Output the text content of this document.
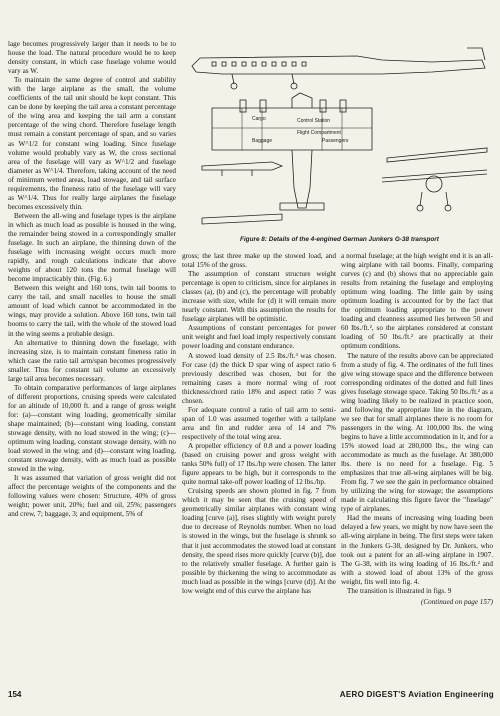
lage becomes progressively larger than it needs to be to house the load. The natural procedure would be to keep density constant, in which case fuselage volume would vary as W.

To maintain the same degree of control and stability with the large airplane as the small, the volume coefficients of the tail unit should be kept constant. This can be done by keeping the tail area a constant percentage of the wing area and keeping the tail arm a constant percentage of the wing chord. Therefore fuselage length must remain a constant percentage of span, and so varies as W^1/2 for constant wing loading. Since fuselage volume would probably vary as W, the cross sectional area of the fuselage will vary as W^1/2 and fuselage diameter as W^1/4. Therefore, taking account of the need of minimum wetted areas, load stowage, and tail surface requirements, the fineness ratio of the fuselage will vary as W^1/4. Thus for really large airplanes the fuselage becomes excessively thin.

Between the all-wing and fuselage types is the airplane in which as much load as possible is housed in the wing, the remainder being stowed in a correspondingly smaller fuselage. In such an airplane, the thinning down of the fuselage with increasing weight occurs much more rapidly, and rough calculations indicate that above weights of about 120 tons the normal fuselage will become impracticably thin. (Fig. 6.)

Between this weight and 160 tons, twin tail booms to carry the tail, and small nacelles to house the small amount of load which cannot be accommodated in the wings, may provide a solution. Above 160 tons, twin tail booms to carry the tail, with the whole of the stowed load in the wing seems a probable design.

An alternative to thinning down the fuselage, with increasing size, is to maintain constant fineness ratio in which case the ratio tail arm/span becomes progressively smaller. Thus for constant tail volume an excessively large tail area becomes necessary.

To obtain comparative performances of large airplanes of different proportions, cruising speeds were calculated for an altitude of 10,000 ft. and a range of gross weight for: (a)—constant wing loading, geometrically similar shape maintained; (b)—constant wing loading, constant stowage density, with no load stowed in the wing; (c)—optimum wing loading, constant stowage density, with no load stowed in the wing; and (d)—constant wing loading, constant stowage density, with as much load as possible stowed in the wing.

It was assumed that variation of gross weight did not affect the percentage weights of the components and the following values were chosen: Structure, 40% of gross weight; power unit, 20%; fuel and oil, 25%; passengers and crew, 7; baggage, 3; and equipment, 5% of

Cargo	Control Station
Flight Compartment
Passengers
Baggage
Figure 8: Details of the 4-engined German Junkers G-38 transport

gross; the last three make up the stowed load, and total 15% of the gross.

The assumption of constant structure weight percentage is open to criticism, since for airplanes in classes (a), (b) and (c), the percentage will probably increase with size, while for (d) it will remain more nearly constant. With this assumption the results for fuselage airplanes will be optimistic.

Assumptions of constant percentages for power unit weight and fuel load imply respectively constant power loading and constant endurance.

A stowed load density of 2.5 lbs./ft.³ was chosen. For case (d) the thick D spar wing of aspect ratio 6 previously described was chosen, but for the remaining cases a more normal wing of root thickness/chord ratio 18% and aspect ratio 7 was chosen.

For adequate control a ratio of tail arm to semi-span of 1.0 was assumed together with a tailplane area and fin and rudder area of 14 and 7% respectively of the total wing area.

A propeller efficiency of 0.8 and a power loading (based on cruising power and gross weight with tanks 50% full) of 17 lbs./hp were chosen. The latter figure appears to be high, but it corresponds to the quite normal take-off power loading of 12 lbs./hp.

Cruising speeds are shown plotted in fig. 7 from which it may be seen that the cruising speed of geometrically similar airplanes with constant wing loading [curve (a)], rises slightly with weight purely due to decrease of Reynolds number. When no load is stowed in the wings, but the fuselage is shrunk so that it just accommodates the stowed load at constant density, the speed rises more quickly [curve (b)], due to the relatively smaller fuselage. A further gain is possible by thickening the wing to accommodate as much load as possible in the wings [curve (d)]. At the low weight end of this curve the airplane has

a normal fuselage; at the high weight end it is an all-wing airplane with tail booms. Finally, comparing curves (c) and (b) shows that no appreciable gain results from retaining the fuselage and employing optimum wing loading. The little gain by using optimum loading is accounted for by the fact that the optimum loading appropriate to the power loading and cleanness assumed lies between 50 and 60 lbs./ft.², so the airplanes considered at constant loading of 50 lbs./ft.² are practically at their optimum conditions.

The nature of the results above can be appreciated from a study of fig. 4. The ordinates of the full lines give wing stowage space and the difference between corresponding ordinates of the dotted and full lines gives fuselage stowage space. Taking 50 lbs./ft.² as a wing loading likely to be realized in practice soon, and following the appropriate line in the diagram, we see that for small airplanes there is no room for passengers in the wing. At 100,000 lbs. the wing begins to have a little accommodation in it, and for a 15% stowed load at 280,000 lbs., the wing can accommodate as much as the fuselage. At 380,000 lbs. there is no need for a fuselage. Fig. 5 emphasizes that true all-wing airplanes will be big. From fig. 7 we see the gain in performance obtained by utilizing the wing for stowage; the assumptions made in calculating this figure favor the "fuselage" type of airplanes.

Had the means of increasing wing loading been delayed a few years, we might by now have seen the all-wing airplane in being. The first steps were taken in the Junkers G-38, designed by Dr. Junkers, who took out a patent for an all-wing airplane in 1907. The G-38, with its wing loading of 16 lbs./ft.² and with a stowed load of about 13% of the gross weight, fits well into fig. 4.

The transition is illustrated in figs. 9

(Continued on page 157)
154	AERO DIGEST'S Aviation Engineering
